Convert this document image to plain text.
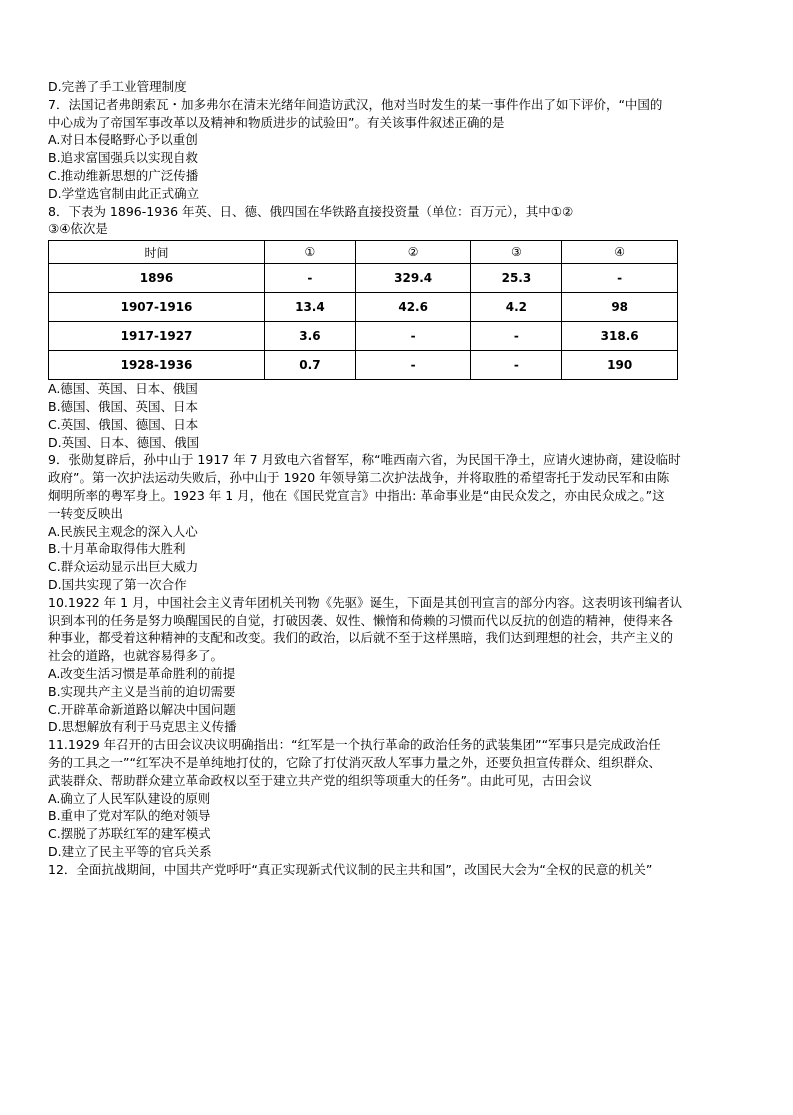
D.完善了手工业管理制度
7．法国记者弗朗索瓦・加多弗尔在清末光绪年间造访武汉，他对当时发生的某一事件作出了如下评价，“中国的
中心成为了帝国军事改革以及精神和物质进步的试验田”。有关该事件叙述正确的是
A.对日本侵略野心予以重创
B.追求富国强兵以实现自救
C.推动维新思想的广泛传播
D.学堂选官制由此正式确立
8．下表为 1896-1936 年英、日、德、俄四国在华铁路直接投资量（单位：百万元），其中①②
③④依次是
时间	①	②	③	④
1896	-	329.4	25.3	-
1907-1916	13.4	42.6	4.2	98
1917-1927	3.6	-	-	318.6
1928-1936	0.7	-	-	190
A.德国、英国、日本、俄国
B.德国、俄国、英国、日本
C.英国、俄国、德国、日本
D.英国、日本、德国、俄国
9．张勋复辟后，孙中山于 1917 年 7 月致电六省督军，称“唯西南六省，为民国干净土，应请火速协商，建设临时
政府”。第一次护法运动失败后，孙中山于 1920 年领导第二次护法战争，并将取胜的希望寄托于发动民军和由陈
炯明所率的粤军身上。1923 年 1 月，他在《国民党宣言》中指出: 革命事业是“由民众发之，亦由民众成之。”这
一转变反映出
A.民族民主观念的深入人心
B.十月革命取得伟大胜利
C.群众运动显示出巨大威力
D.国共实现了第一次合作
10.1922 年 1 月，中国社会主义青年团机关刊物《先驱》诞生，下面是其创刊宣言的部分内容。这表明该刊编者认
识到本刊的任务是努力唤醒国民的自觉，打破因袭、奴性、懒惰和倚赖的习惯而代以反抗的创造的精神，使得来各
种事业，都受着这种精神的支配和改变。我们的政治，以后就不至于这样黑暗，我们达到理想的社会，共产主义的
社会的道路，也就容易得多了。
A.改变生活习惯是革命胜利的前提
B.实现共产主义是当前的迫切需要
C.开辟革命新道路以解决中国问题
D.思想解放有利于马克思主义传播
11.1929 年召开的古田会议决议明确指出：“红军是一个执行革命的政治任务的武装集团”“军事只是完成政治任
务的工具之一”“红军决不是单纯地打仗的，它除了打仗消灭敌人军事力量之外，还要负担宣传群众、组织群众、
武装群众、帮助群众建立革命政权以至于建立共产党的组织等项重大的任务”。由此可见，古田会议
A.确立了人民军队建设的原则
B.重申了党对军队的绝对领导
C.摆脱了苏联红军的建军模式
D.建立了民主平等的官兵关系
12．全面抗战期间，中国共产党呼吁“真正实现新式代议制的民主共和国”，改国民大会为“全权的民意的机关”
